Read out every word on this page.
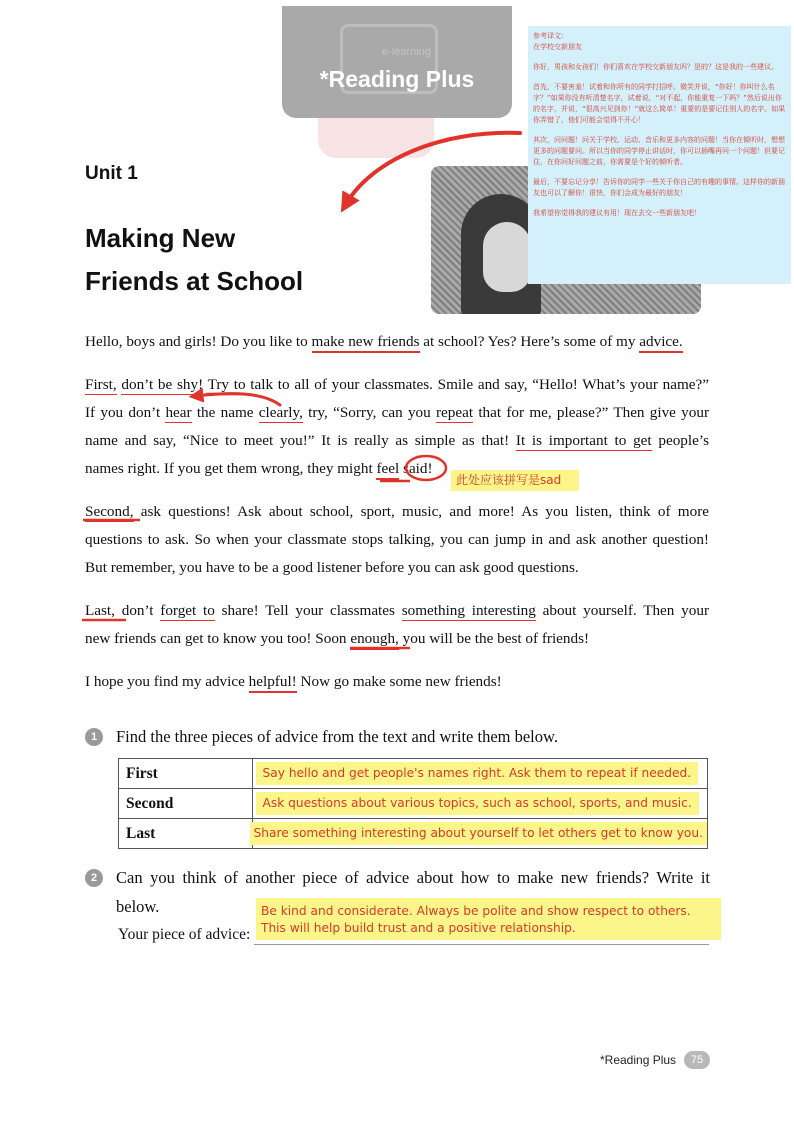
e-learning
*Reading Plus

参考译文:
在学校交新朋友

你好，男孩和女孩们！你们喜欢在学校交新朋友吗？是的？这是我的一些建议。

首先，不要害羞！试着和你所有的同学打招呼。微笑并说，“你好！你叫什么名字？”如果你没有听清楚名字，试着说，“对不起，你能重复一下吗？”然后说出你的名字，并说，“很高兴见到你！”就这么简单！重要的是要记住别人的名字。如果你弄错了，他们可能会觉得不开心！

其次，问问题！问关于学校、运动、音乐和更多内容的问题！当你在倾听时，想想更多的问题要问。所以当你的同学停止讲话时，你可以插嘴再问一个问题！但要记住，在你问好问题之前，你需要是个好的倾听者。

最后，不要忘记分享！告诉你的同学一些关于你自己的有趣的事情。这样你的新朋友也可以了解你！很快，你们会成为最好的朋友！

我希望你觉得我的建议有用！现在去交一些新朋友吧！

Unit 1
Making New
Friends at School
Hello, boys and girls! Do you like to make new friends at school? Yes? Here’s some of my advice.
First, don’t be shy! Try to talk to all of your classmates. Smile and say, “Hello! What’s your name?”
If you don’t hear the name clearly, try, “Sorry, can you repeat that for me, please?” Then give your
name and say, “Nice to meet you!” It is really as simple as that! It is important to get people’s
names right. If you get them wrong, they might feel said!
此处应该拼写是sad
Second, ask questions! Ask about school, sport, music, and more! As you listen, think of more
questions to ask. So when your classmate stops talking, you can jump in and ask another question!
But remember, you have to be a good listener before you can ask good questions.
Last, don’t forget to share! Tell your classmates something interesting about yourself. Then your
new friends can get to know you too! Soon enough, you will be the best of friends!
I hope you find my advice helpful! Now go make some new friends!
1	Find the three pieces of advice from the text and write them below.
First	Say hello and get people's names right. Ask them to repeat if needed.
Second	Ask questions about various topics, such as school, sports, and music.
Last	Share something interesting about yourself to let others get to know you.
2	Can you think of another piece of advice about how to make new friends? Write it
below.
Your piece of advice:
Be kind and considerate. Always be polite and show respect to others.
This will help build trust and a positive relationship.
*Reading Plus	75
